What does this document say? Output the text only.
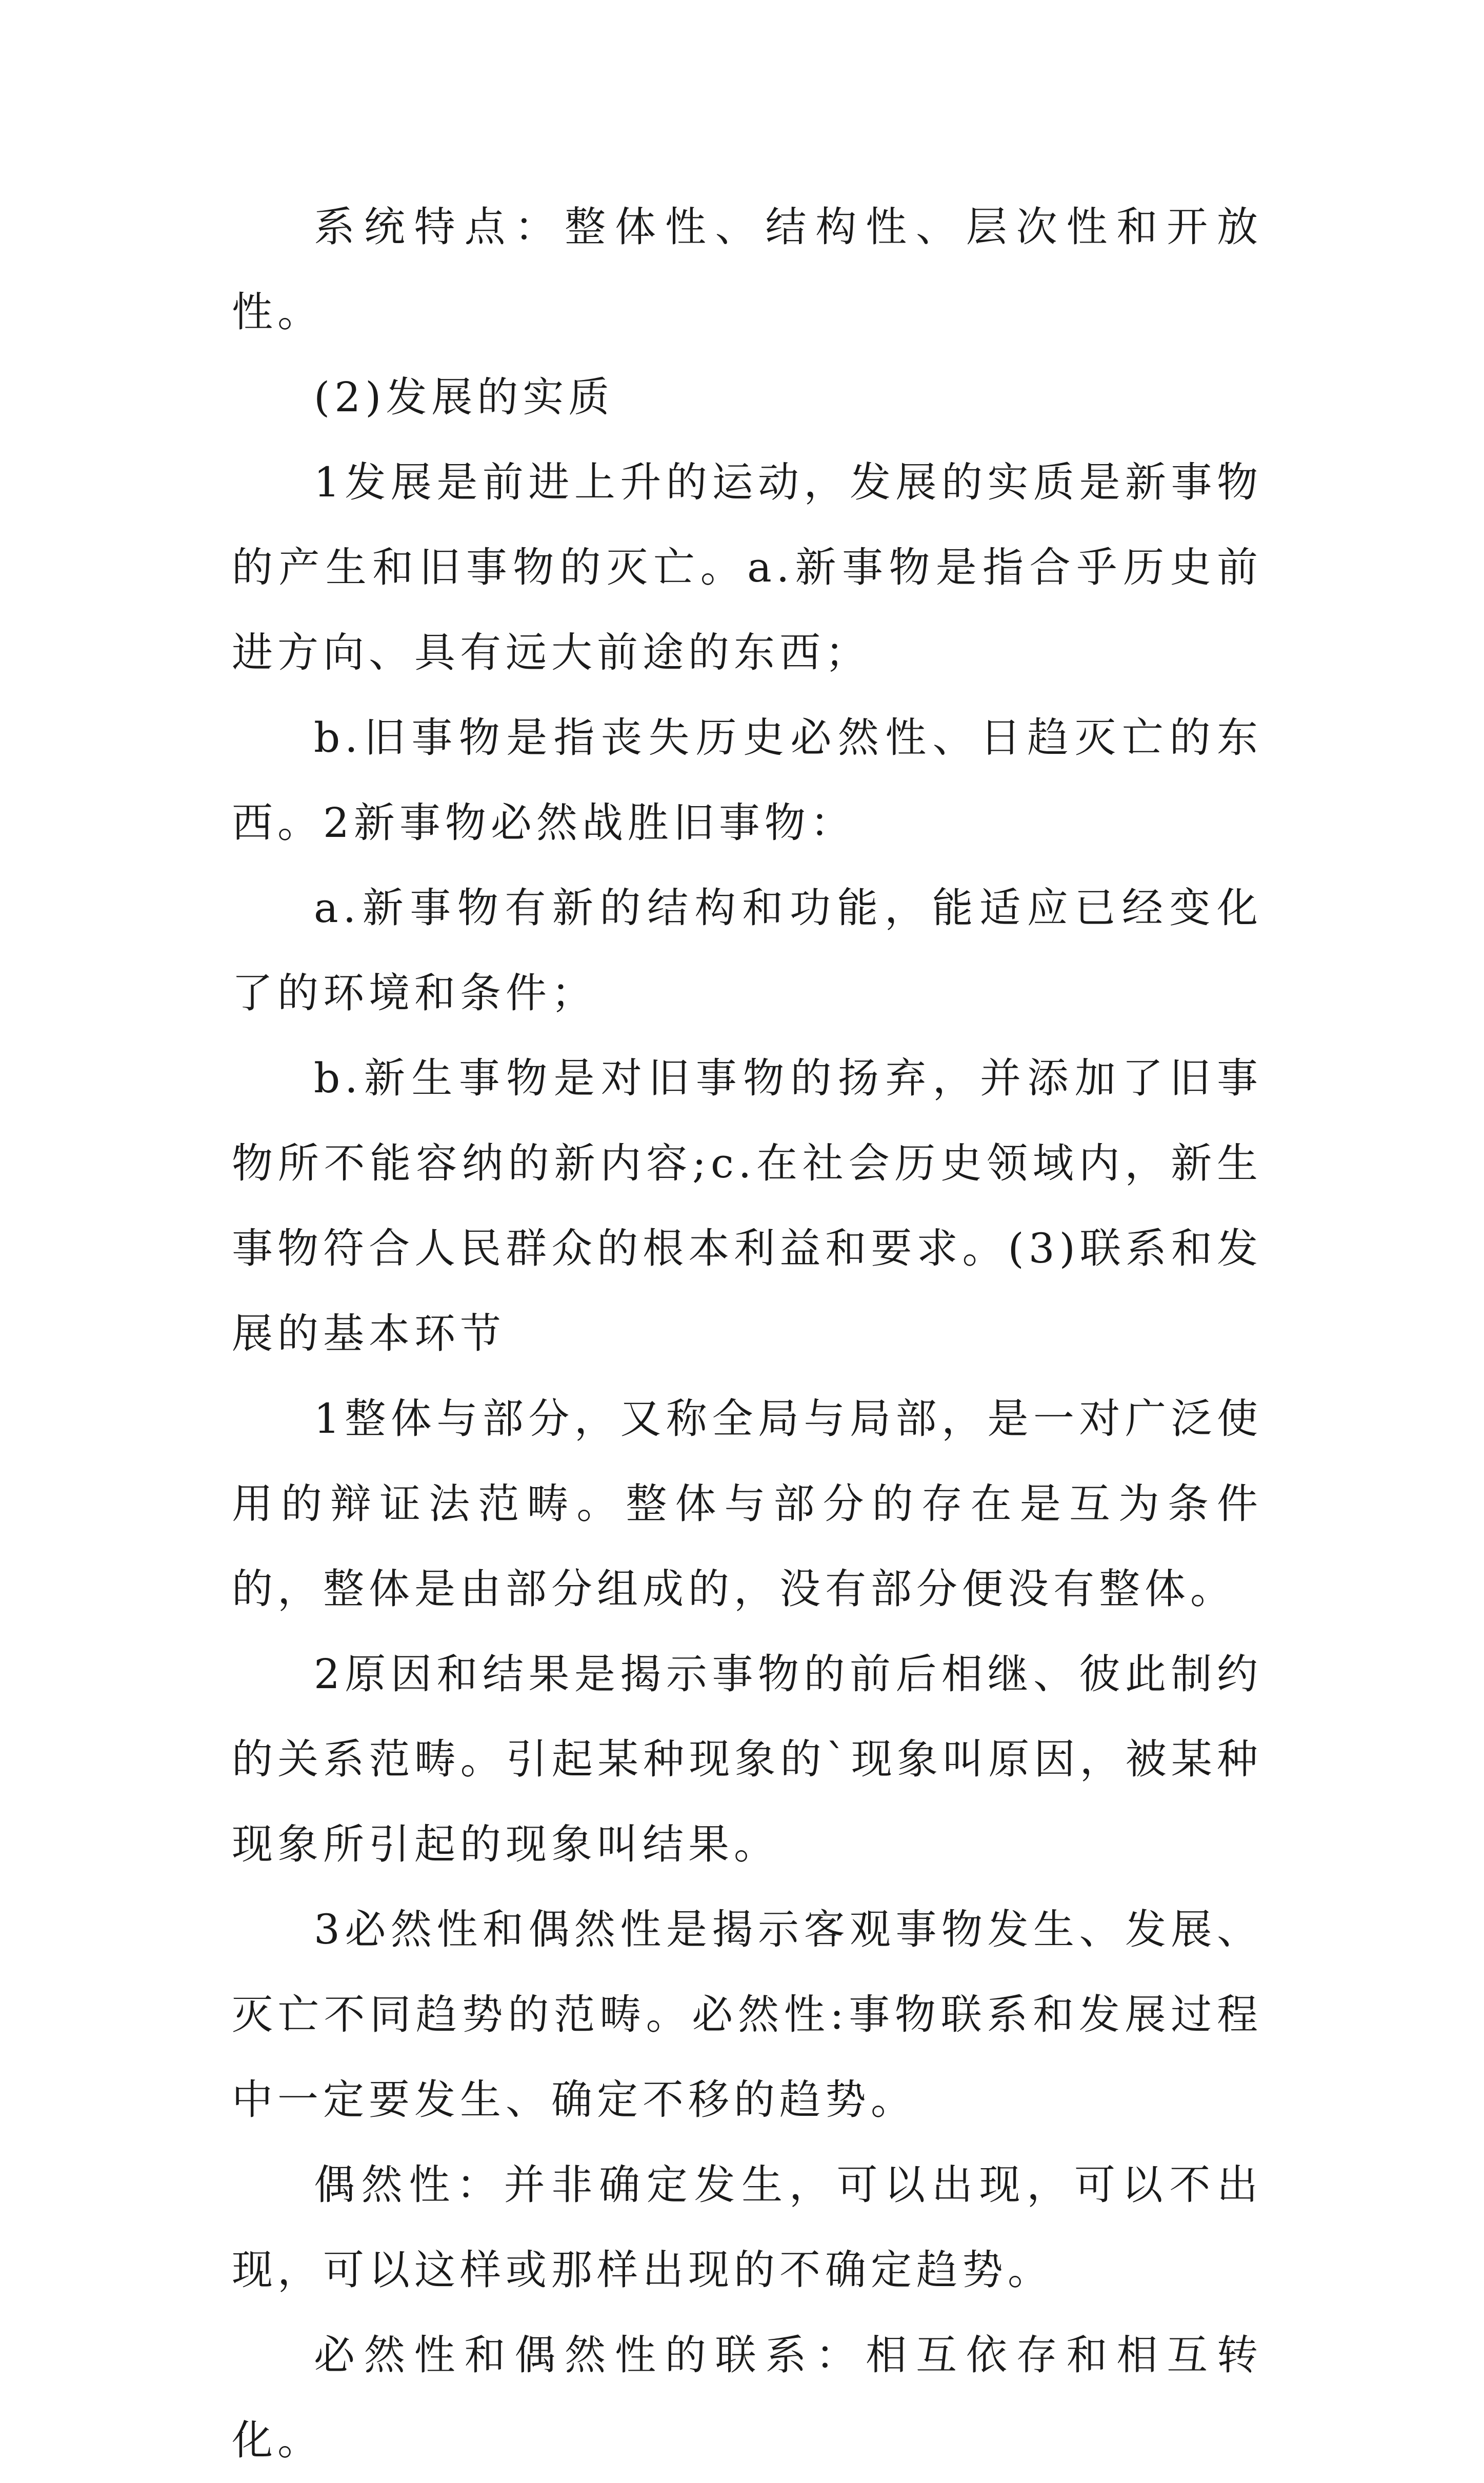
系统特点：整体性、结构性、层次性和开放性。

(2)发展的实质

1发展是前进上升的运动，发展的实质是新事物的产生和旧事物的灭亡。a.新事物是指合乎历史前进方向、具有远大前途的东西；

b.旧事物是指丧失历史必然性、日趋灭亡的东西。2新事物必然战胜旧事物：

a.新事物有新的结构和功能，能适应已经变化了的环境和条件；

b.新生事物是对旧事物的扬弃，并添加了旧事物所不能容纳的新内容;c.在社会历史领域内，新生事物符合人民群众的根本利益和要求。(3)联系和发展的基本环节

1整体与部分，又称全局与局部，是一对广泛使用的辩证法范畴。整体与部分的存在是互为条件的，整体是由部分组成的，没有部分便没有整体。

2原因和结果是揭示事物的前后相继、彼此制约的关系范畴。引起某种现象的`现象叫原因，被某种现象所引起的现象叫结果。

3必然性和偶然性是揭示客观事物发生、发展、灭亡不同趋势的范畴。必然性:事物联系和发展过程中一定要发生、确定不移的趋势。

偶然性：并非确定发生，可以出现，可以不出现，可以这样或那样出现的不确定趋势。

必然性和偶然性的联系：相互依存和相互转化。
